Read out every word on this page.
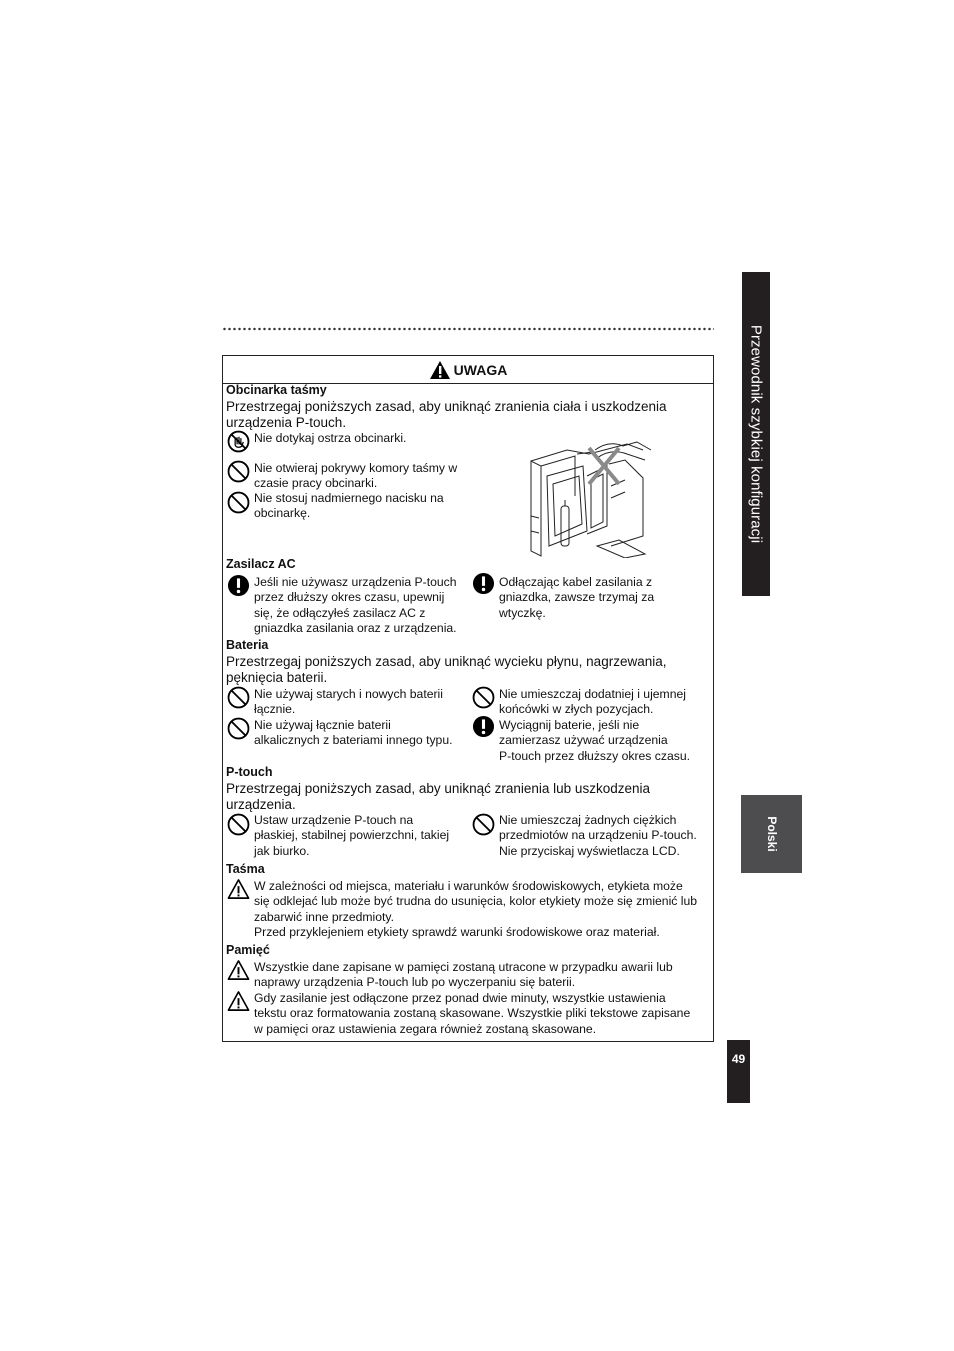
Przewodnik szybkiej konfiguracji
Polski
49
UWAGA
Obcinarka taśmy
Przestrzegaj poniższych zasad, aby uniknąć zranienia ciała i uszkodzenia
urządzenia P-touch.
Nie dotykaj ostrza obcinarki.
Nie otwieraj pokrywy komory taśmy w
czasie pracy obcinarki.
Nie stosuj nadmiernego nacisku na
obcinarkę.
Zasilacz AC
Jeśli nie używasz urządzenia P-touch
przez dłuższy okres czasu, upewnij
się, że odłączyłeś zasilacz AC z
gniazdka zasilania oraz z urządzenia.
Odłączając kabel zasilania z
gniazdka, zawsze trzymaj za
wtyczkę.
Bateria
Przestrzegaj poniższych zasad, aby uniknąć wycieku płynu, nagrzewania,
pęknięcia baterii.
Nie używaj starych i nowych baterii
łącznie.
Nie używaj łącznie baterii
alkalicznych z bateriami innego typu.
Nie umieszczaj dodatniej i ujemnej
końcówki w złych pozycjach.
Wyciągnij baterie, jeśli nie
zamierzasz używać urządzenia
P-touch przez dłuższy okres czasu.
P-touch
Przestrzegaj poniższych zasad, aby uniknąć zranienia lub uszkodzenia
urządzenia.
Ustaw urządzenie P-touch na
płaskiej, stabilnej powierzchni, takiej
jak biurko.
Nie umieszczaj żadnych ciężkich
przedmiotów na urządzeniu P-touch.
Nie przyciskaj wyświetlacza LCD.
Taśma
W zależności od miejsca, materiału i warunków środowiskowych, etykieta może
się odklejać lub może być trudna do usunięcia, kolor etykiety może się zmienić lub
zabarwić inne przedmioty.
Przed przyklejeniem etykiety sprawdź warunki środowiskowe oraz materiał.
Pamięć
Wszystkie dane zapisane w pamięci zostaną utracone w przypadku awarii lub
naprawy urządzenia P-touch lub po wyczerpaniu się baterii.
Gdy zasilanie jest odłączone przez ponad dwie minuty, wszystkie ustawienia
tekstu oraz formatowania zostaną skasowane. Wszystkie pliki tekstowe zapisane
w pamięci oraz ustawienia zegara również zostaną skasowane.
